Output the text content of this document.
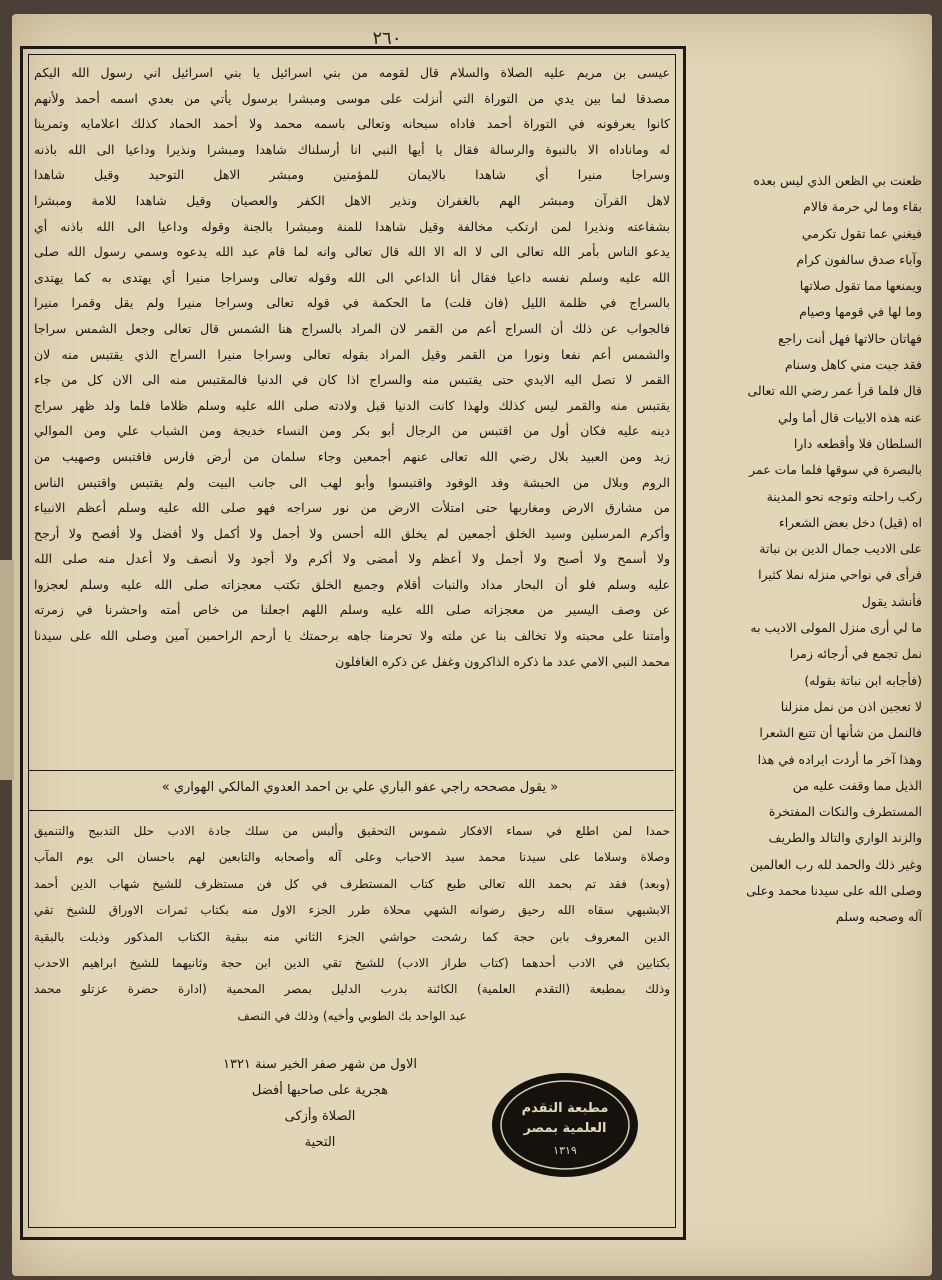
٢٦٠
عيسى بن مريم عليه الصلاة والسلام قال لقومه من بني اسرائيل يا بني اسرائيل اني رسول الله اليكم
مصدقا لما بين يدي من التوراة التي أنزلت على موسى ومبشرا برسول يأتي من بعدي اسمه أحمد ولأنهم
كانوا يعرفونه في التوراة أحمد فاداه سبحانه وتعالى باسمه محمد ولا أحمد الحماد كذلك اعلامايه وتمرينا
له وماناداه الا بالنبوة والرسالة فقال يا أيها النبي انا أرسلناك شاهدا ومبشرا ونذيرا وداعيا الى الله باذنه
وسراجا منيرا أي شاهدا بالايمان للمؤمنين ومبشر الاهل التوحيد وقيل شاهدا
لاهل القرآن ومبشر الهم بالغفران ونذير الاهل الكفر والعصيان وقيل شاهدا للامة ومبشرا
بشفاعته ونذيرا لمن ارتكب مخالفة وقيل شاهدا للمنة ومبشرا بالجنة وقوله وداعيا الى الله باذنه أي
يدعو الناس بأمر الله تعالى الى لا اله الا الله قال تعالى وانه لما قام عبد الله يدعوه وسمي رسول الله صلى
الله عليه وسلم نفسه داعيا فقال أنا الداعي الى الله وقوله تعالى وسراجا منيرا أي يهتدى به كما يهتدى
بالسراج في ظلمة الليل (فان قلت) ما الحكمة في قوله تعالى وسراجا منيرا ولم يقل وقمرا منيرا
فالجواب عن ذلك أن السراج أعم من القمر لان المراد بالسراج هنا الشمس قال تعالى وجعل الشمس سراجا
والشمس أعم نفعا ونورا من القمر وقيل المراد بقوله تعالى وسراجا منيرا السراج الذي يقتبس منه لان
القمر لا تصل اليه الايدي حتى يقتبس منه والسراج اذا كان في الدنيا فالمقتبس منه الى الان كل من جاء
يقتبس منه والقمر ليس كذلك ولهذا كانت الدنيا قبل ولادته صلى الله عليه وسلم ظلاما فلما ولد ظهر سراج
دينه عليه فكان أول من اقتبس من الرجال أبو بكر ومن النساء خديجة ومن الشباب علي ومن الموالي
زيد ومن العبيد بلال رضي الله تعالى عنهم أجمعين وجاء سلمان من أرض فارس فاقتبس وصهيب من
الروم وبلال من الحبشة وفد الوفود واقتبسوا وأبو لهب الى جانب البيت ولم يقتبس واقتبس الناس
من مشارق الارض ومغاربها حتى امتلأت الارض من نور سراجه فهو صلى الله عليه وسلم أعظم الانبياء
وأكرم المرسلين وسيد الخلق أجمعين لم يخلق الله أحسن ولا أجمل ولا أكمل ولا أفضل ولا أفصح ولا أرجح
ولا أسمح ولا أصبح ولا أجمل ولا أعظم ولا أمضى ولا أكرم ولا أجود ولا أنصف ولا أعدل منه صلى الله
عليه وسلم فلو أن البحار مداد والنبات أقلام وجميع الخلق تكتب معجزاته صلى الله عليه وسلم لعجزوا
عن وصف اليسير من معجزاته صلى الله عليه وسلم اللهم اجعلنا من خاص أمته واحشرنا في زمرته
وأمتنا على محبته ولا تخالف بنا عن ملته ولا تحرمنا جاهه برحمتك يا أرحم الراحمين آمين وصلى الله على سيدنا
محمد النبي الامي عدد ما ذكره الذاكرون وغفل عن ذكره الغافلون
« يقول مصححه راجي عفو الباري علي بن احمد العدوي المالكي الهواري »
حمدا لمن اطلع في سماء الافكار شموس التحقيق وألبس من سلك جادة الادب حلل التدبيج والتنميق
وصلاة وسلاما على سيدنا محمد سيد الاحباب وعلى آله وأصحابه والتابعين لهم باحسان الى يوم المآب
(وبعد) فقد تم بحمد الله تعالى طبع كتاب المستطرف في كل فن مستظرف للشيخ شهاب الدين أحمد
الابشيهي سقاه الله رحيق رضوانه الشهي محلاة طرر الجزء الاول منه بكتاب ثمرات الاوراق للشيخ تقي
الدين المعروف بابن حجة كما رشحت حواشي الجزء الثاني منه ببقية الكتاب المذكور وذيلت بالبقية
بكتابين في الادب أحدهما (كتاب طراز الادب) للشيخ تقي الدين ابن حجة وثانيهما للشيخ ابراهيم الاحدب
وذلك بمطبعة (التقدم العلمية) الكائنة بدرب الدليل بمصر المحمية (ادارة حضرة عزتلو محمد
عبد الواحد بك الطوبي وأخيه) وذلك في النصف
الاول من شهر صفر الخير سنة ١٣٢١
هجرية على صاحبها أفضل
الصلاة وأزكى
التحية
مطبعة التقدم
العلمية بمصر
١٣١٩
ظعنت بي الظعن الذي ليس بعده
بقاء وما لي حرمة فالام
فيغني عما تقول تكرمي
وآباء صدق سالفون كرام
ويمنعها مما تقول صلاتها
وما لها في قومها وصيام
فهاتان حالاتها فهل أنت راجع
فقد جبت مني كاهل وسنام
قال فلما قرأ عمر رضي الله تعالى
عنه هذه الابيات قال أما ولي
السلطان فلا وأقطعه دارا
بالبصرة في سوقها فلما مات عمر
ركب راحلته وتوجه نحو المدينة
اه (قيل) دخل بعض الشعراء
على الاديب جمال الدين بن نباتة
فرأى في نواحي منزله نملا كثيرا
فأنشد يقول
ما لي أرى منزل المولى الاديب به
نمل تجمع في أرجائه زمرا
(فأجابه ابن نباتة بقوله)
لا تعجبن اذن من نمل منزلنا
فالنمل من شأنها أن تتبع الشعرا
وهذا آخر ما أردت ايراده في هذا
الذيل مما وقفت عليه من
المستطرف والنكات المفتخرة
والزند الواري والتالد والطريف
وغير ذلك والحمد لله رب العالمين
وصلى الله على سيدنا محمد وعلى
آله وصحبه وسلم
